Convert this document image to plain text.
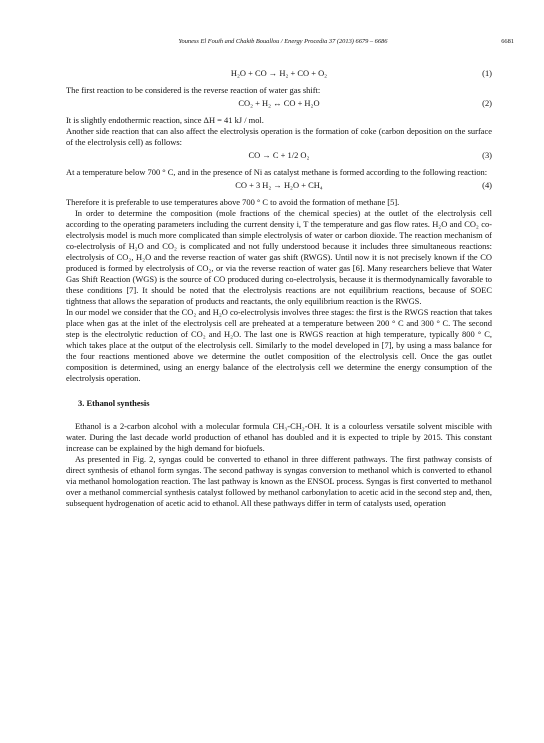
Youness El Fouih and Chakib Bouallou / Energy Procedia 37 (2013) 6679 – 6686	6681
H₂O + CO → H₂ + CO + O₂	(1)

The first reaction to be considered is the reverse reaction of water gas shift:

CO₂ + H₂ ↔ CO + H₂O	(2)

It is slightly endothermic reaction, since ΔH = 41 kJ / mol.

Another side reaction that can also affect the electrolysis operation is the formation of coke (carbon deposition on the surface of the electrolysis cell) as follows:

CO → C + 1/2 O₂	(3)

At a temperature below 700 ° C, and in the presence of Ni as catalyst methane is formed according to the following reaction:

CO + 3 H₂ → H₂O + CH₄	(4)

Therefore it is preferable to use temperatures above 700 ° C to avoid the formation of methane [5].

In order to determine the composition (mole fractions of the chemical species) at the outlet of the electrolysis cell according to the operating parameters including the current density i, T the temperature and gas flow rates. H₂O and CO₂ co-electrolysis model is much more complicated than simple electrolysis of water or carbon dioxide. The reaction mechanism of co-electrolysis of H₂O and CO₂ is complicated and not fully understood because it includes three simultaneous reactions: electrolysis of CO₂, H₂O and the reverse reaction of water gas shift (RWGS). Until now it is not precisely known if the CO produced is formed by electrolysis of CO₂, or via the reverse reaction of water gas [6]. Many researchers believe that Water Gas Shift Reaction (WGS) is the source of CO produced during co-electrolysis, because it is thermodynamically favorable to these conditions [7]. It should be noted that the electrolysis reactions are not equilibrium reactions, because of SOEC tightness that allows the separation of products and reactants, the only equilibrium reaction is the RWGS.

In our model we consider that the CO₂ and H₂O co-electrolysis involves three stages: the first is the RWGS reaction that takes place when gas at the inlet of the electrolysis cell are preheated at a temperature between 200 ° C and 300 ° C. The second step is the electrolytic reduction of CO₂ and H₂O. The last one is RWGS reaction at high temperature, typically 800 ° C, which takes place at the output of the electrolysis cell. Similarly to the model developed in [7], by using a mass balance for the four reactions mentioned above we determine the outlet composition of the electrolysis cell. Once the gas outlet composition is determined, using an energy balance of the electrolysis cell we determine the energy consumption of the electrolysis operation.

3. Ethanol synthesis

Ethanol is a 2-carbon alcohol with a molecular formula CH₃-CH₂-OH. It is a colourless versatile solvent miscible with water. During the last decade world production of ethanol has doubled and it is expected to triple by 2015. This constant increase can be explained by the high demand for biofuels.

As presented in Fig. 2, syngas could be converted to ethanol in three different pathways. The first pathway consists of direct synthesis of ethanol form syngas. The second pathway is syngas conversion to methanol which is converted to ethanol via methanol homologation reaction. The last pathway is known as the ENSOL process. Syngas is first converted to methanol over a methanol commercial synthesis catalyst followed by methanol carbonylation to acetic acid in the second step and, then, subsequent hydrogenation of acetic acid to ethanol. All these pathways differ in term of catalysts used, operation
